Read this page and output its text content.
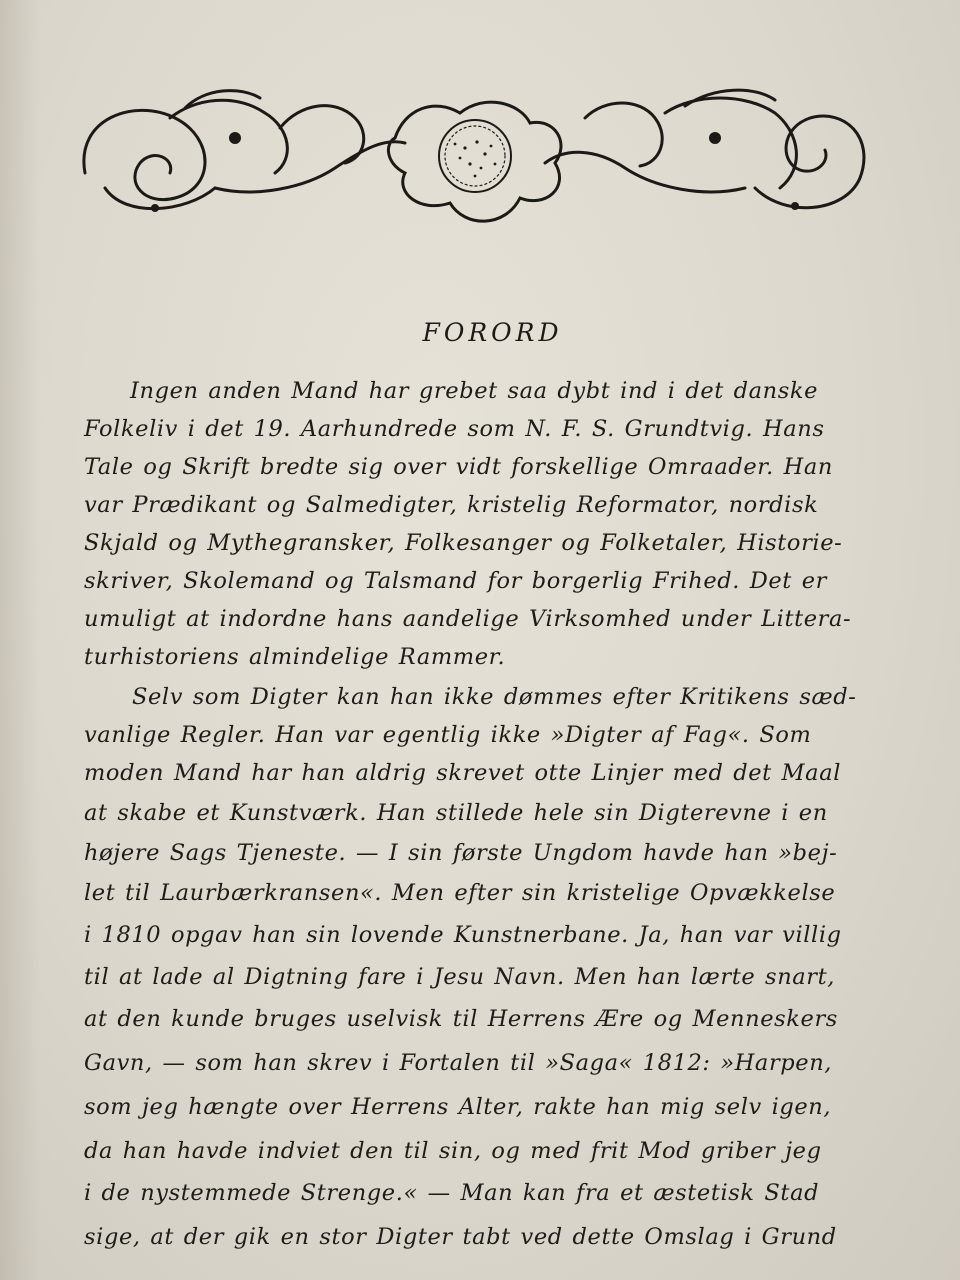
FORORD
Ingen anden Mand har grebet saa dybt ind i det danske
Folkeliv i det 19. Aarhundrede som N. F. S. Grundtvig. Hans
Tale og Skrift bredte sig over vidt forskellige Omraader. Han
var Prædikant og Salmedigter, kristelig Reformator, nordisk
Skjald og Mythegransker, Folkesanger og Folketaler, Historie-
skriver, Skolemand og Talsmand for borgerlig Frihed. Det er
umuligt at indordne hans aandelige Virksomhed under Littera-
turhistoriens almindelige Rammer.
Selv som Digter kan han ikke dømmes efter Kritikens sæd-
vanlige Regler. Han var egentlig ikke »Digter af Fag«. Som
moden Mand har han aldrig skrevet otte Linjer med det Maal
at skabe et Kunstværk. Han stillede hele sin Digterevne i en
højere Sags Tjeneste. — I sin første Ungdom havde han »bej-
let til Laurbærkransen«. Men efter sin kristelige Opvækkelse
i 1810 opgav han sin lovende Kunstnerbane. Ja, han var villig
til at lade al Digtning fare i Jesu Navn. Men han lærte snart,
at den kunde bruges uselvisk til Herrens Ære og Menneskers
Gavn, — som han skrev i Fortalen til »Saga« 1812: »Harpen,
som jeg hængte over Herrens Alter, rakte han mig selv igen,
da han havde indviet den til sin, og med frit Mod griber jeg
i de nystemmede Strenge.« — Man kan fra et æstetisk Stad
sige, at der gik en stor Digter tabt ved dette Omslag i Grund
